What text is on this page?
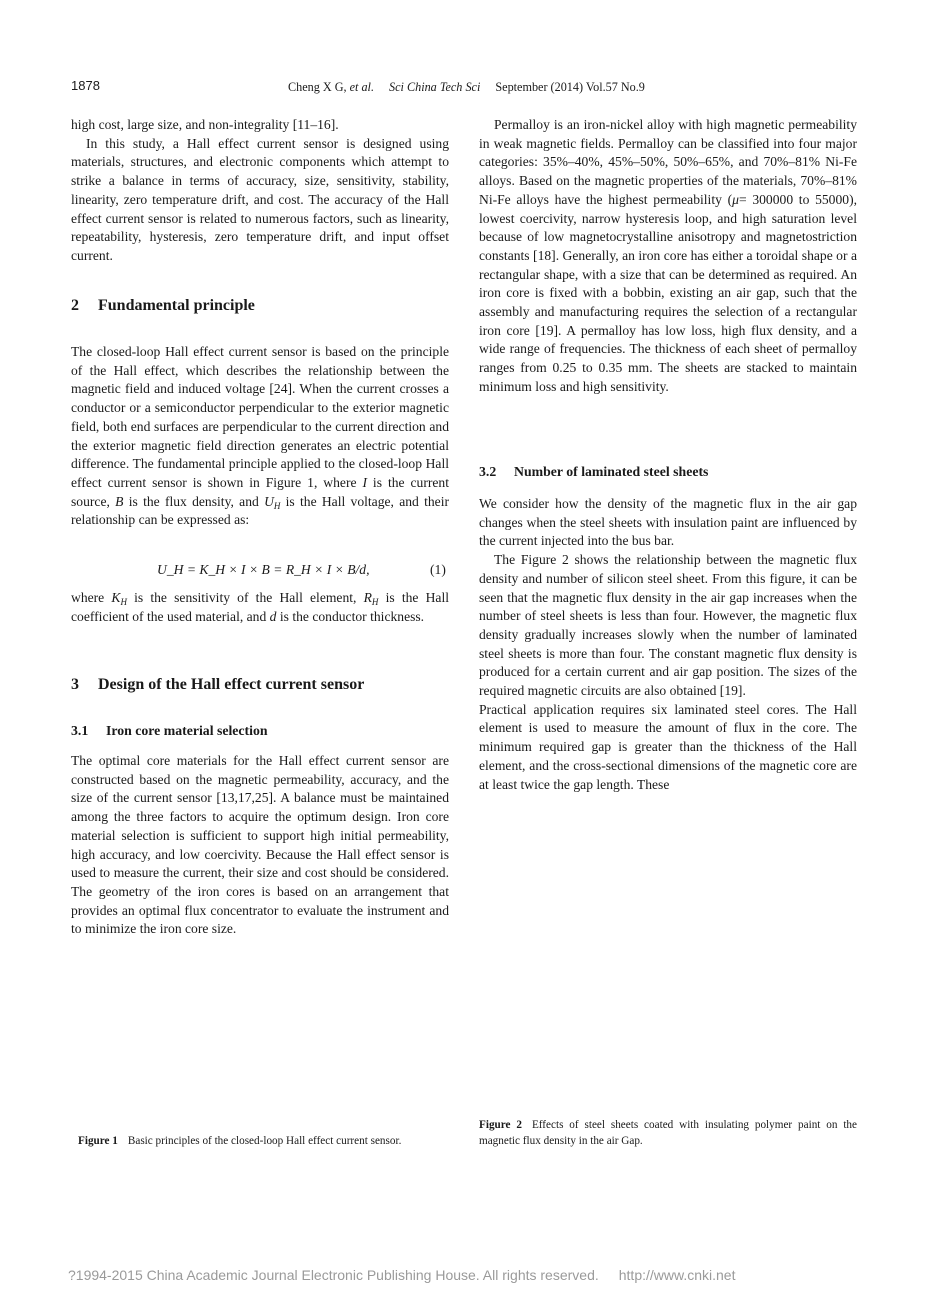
1878	Cheng X G, et al. Sci China Tech Sci September (2014) Vol.57 No.9

high cost, large size, and non-integrality [11–16].

In this study, a Hall effect current sensor is designed using materials, structures, and electronic components which attempt to strike a balance in terms of accuracy, size, sensitivity, stability, linearity, zero temperature drift, and cost. The accuracy of the Hall effect current sensor is related to numerous factors, such as linearity, repeatability, hysteresis, zero temperature drift, and input offset current.

2 Fundamental principle

The closed-loop Hall effect current sensor is based on the principle of the Hall effect, which describes the relationship between the magnetic field and induced voltage [24]. When the current crosses a conductor or a semiconductor perpendicular to the exterior magnetic field, both end surfaces are perpendicular to the current direction and the exterior magnetic field direction generates an electric potential difference. The fundamental principle applied to the closed-loop Hall effect current sensor is shown in Figure 1, where I is the current source, B is the flux density, and $U_H$ is the Hall voltage, and their relationship can be expressed as:

U_H = K_H × I × B = R_H × I × B/d,	(1)

where $K_H$ is the sensitivity of the Hall element, $R_H$ is the Hall coefficient of the used material, and d is the conductor thickness.

3 Design of the Hall effect current sensor
3.1 Iron core material selection

The optimal core materials for the Hall effect current sensor are constructed based on the magnetic permeability, accuracy, and the size of the current sensor [13,17,25]. A balance must be maintained among the three factors to acquire the optimum design. Iron core material selection is sufficient to support high initial permeability, high accuracy, and low coercivity. Because the Hall effect sensor is used to measure the current, their size and cost should be considered. The geometry of the iron cores is based on an arrangement that provides an optimal flux concentrator to evaluate the instrument and to minimize the iron core size.

Figure 1 Basic principles of the closed-loop Hall effect current sensor.

Permalloy is an iron-nickel alloy with high magnetic permeability in weak magnetic fields. Permalloy can be classified into four major categories: 35%–40%, 45%–50%, 50%–65%, and 70%–81% Ni-Fe alloys. Based on the magnetic properties of the materials, 70%–81% Ni-Fe alloys have the highest permeability (μ= 300000 to 55000), lowest coercivity, narrow hysteresis loop, and high saturation level because of low magnetocrystalline anisotropy and magnetostriction constants [18]. Generally, an iron core has either a toroidal shape or a rectangular shape, with a size that can be determined as required. An iron core is fixed with a bobbin, existing an air gap, such that the assembly and manufacturing requires the selection of a rectangular iron core [19]. A permalloy has low loss, high flux density, and a wide range of frequencies. The thickness of each sheet of permalloy ranges from 0.25 to 0.35 mm. The sheets are stacked to maintain minimum loss and high sensitivity.

3.2 Number of laminated steel sheets

We consider how the density of the magnetic flux in the air gap changes when the steel sheets with insulation paint are influenced by the current injected into the bus bar.

The Figure 2 shows the relationship between the magnetic flux density and number of silicon steel sheet. From this figure, it can be seen that the magnetic flux density in the air gap increases when the number of steel sheets is less than four. However, the magnetic flux density gradually increases slowly when the number of laminated steel sheets is more than four. The constant magnetic flux density is produced for a certain current and air gap position. The sizes of the required magnetic circuits are also obtained [19].

Practical application requires six laminated steel cores. The Hall element is used to measure the amount of flux in the core. The minimum required gap is greater than the thickness of the Hall element, and the cross-sectional dimensions of the magnetic core are at least twice the gap length. These

Figure 2 Effects of steel sheets coated with insulating polymer paint on the magnetic flux density in the air Gap.
?1994-2015 China Academic Journal Electronic Publishing House. All rights reserved. http://www.cnki.net
